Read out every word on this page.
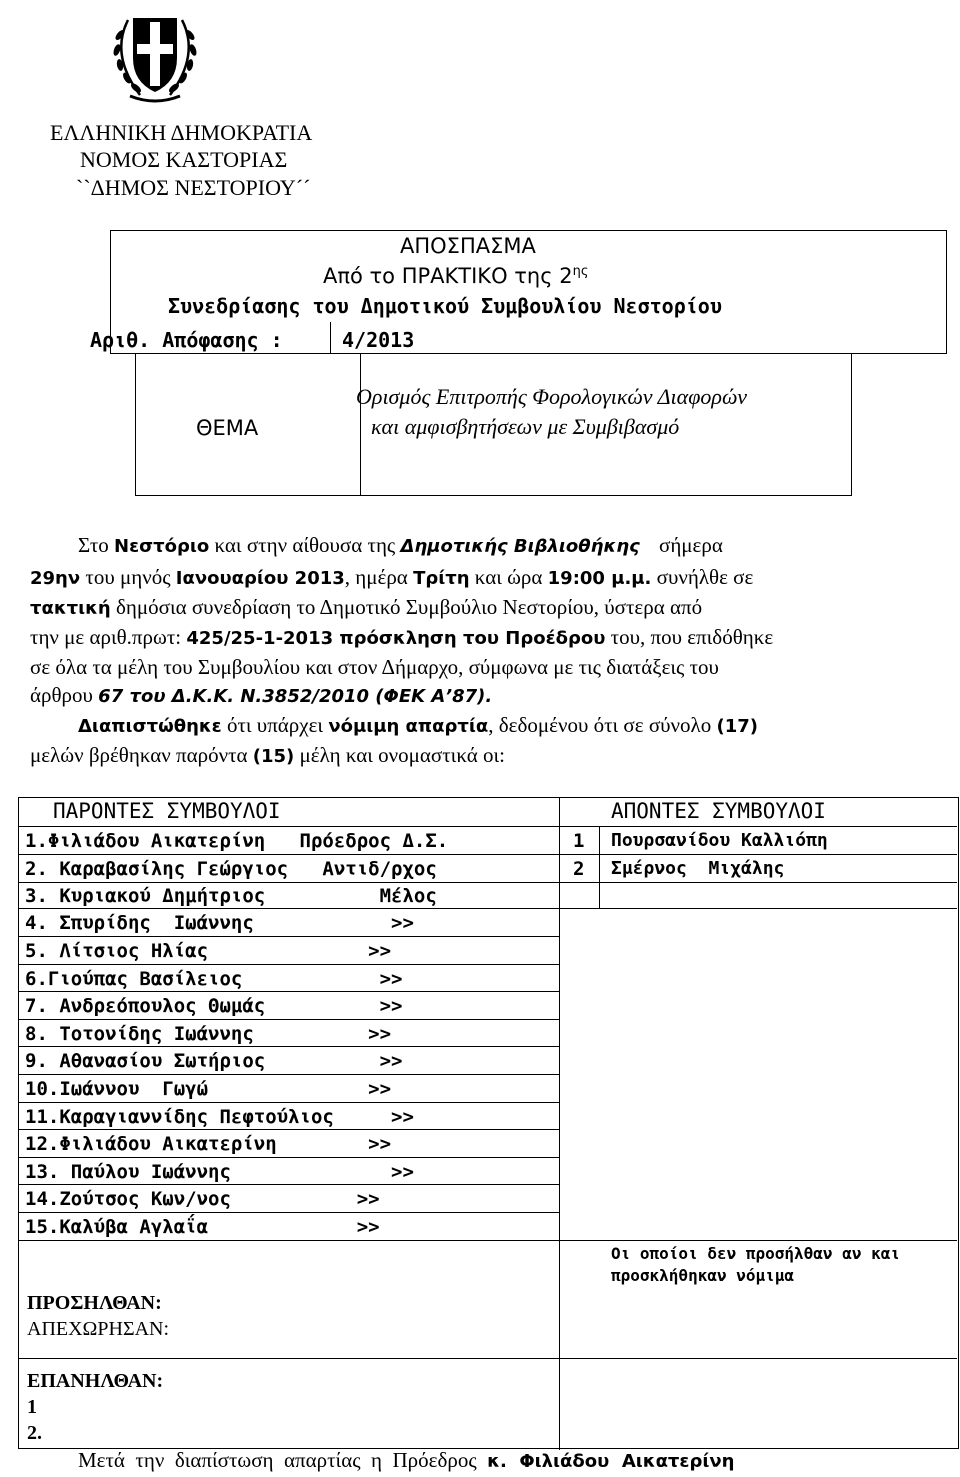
ΕΛΛΗΝΙΚΗ ΔΗΜΟΚΡΑΤΙΑ
ΝΟΜΟΣ ΚΑΣΤΟΡΙΑΣ
``ΔΗΜΟΣ ΝΕΣΤΟΡΙΟΥ´´
ΑΠΟΣΠΑΣΜΑ
Από το ΠΡΑΚΤΙΚΟ της $2^{\eta\varsigma}$
Συνεδρίασης του Δημοτικού Συμβουλίου Νεστορίου
Αριθ. Απόφασης :	4/2013
ΘΕΜΑ
Ορισμός Επιτροπής Φορολογικών Διαφορών
και αμφισβητήσεων με Συμβιβασμό
Στο Νεστόριο και στην αίθουσα της Δημοτικής Βιβλιοθήκης σήμερα
29ην του μηνός Ιανουαρίου 2013, ημέρα Τρίτη και ώρα 19:00 μ.μ. συνήλθε σε
τακτική δημόσια συνεδρίαση το Δημοτικό Συμβούλιο Νεστορίου, ύστερα από
την με αριθ.πρωτ: 425/25-1-2013 πρόσκληση του Προέδρου του, που επιδόθηκε
σε όλα τα μέλη του Συμβουλίου και στον Δήμαρχο, σύμφωνα με τις διατάξεις του
άρθρου 67 του Δ.Κ.Κ. Ν.3852/2010 (ΦΕΚ Α’87).
Διαπιστώθηκε ότι υπάρχει νόμιμη απαρτία, δεδομένου ότι σε σύνολο (17)
μελών βρέθηκαν παρόντα (15) μέλη και ονομαστικά οι:
ΠΑΡΟΝΤΕΣ ΣΥΜΒΟΥΛΟΙ	ΑΠΟΝΤΕΣ ΣΥΜΒΟΥΛΟΙ
1.Φιλιάδου Αικατερίνη   Πρόεδρος Δ.Σ.
2. Καραβασίλης Γεώργιος   Αντιδ/ρχος
3. Κυριακού Δημήτριος          Μέλος
4. Σπυρίδης  Ιωάννης            >>
5. Λίτσιος Ηλίας              >>
6.Γιούπας Βασίλειος            >>
7. Ανδρεόπουλος Θωμάς          >>
8. Τοτονίδης Ιωάννης          >>
9. Αθανασίου Σωτήριος          >>
10.Ιωάννου  Γωγώ              >>
11.Καραγιαννίδης Πεφτούλιος     >>
12.Φιλιάδου Αικατερίνη        >>
13. Παύλου Ιωάννης              >>
14.Ζούτσος Κων/νος           >>
15.Καλύβα Αγλαΐα             >>
1
2
Πουρσανίδου Καλλιόπη
Σμέρνος  Μιχάλης
Οι οποίοι δεν προσήλθαν αν και
προσκλήθηκαν νόμιμα
ΠΡΟΣΗΛΘΑΝ:
ΑΠΕΧΩΡΗΣΑΝ:
ΕΠΑΝΗΛΘΑΝ:
1
2.
Μετά  την  διαπίστωση  απαρτίας  η  Πρόεδρος  κ.  Φιλιάδου  Αικατερίνη
